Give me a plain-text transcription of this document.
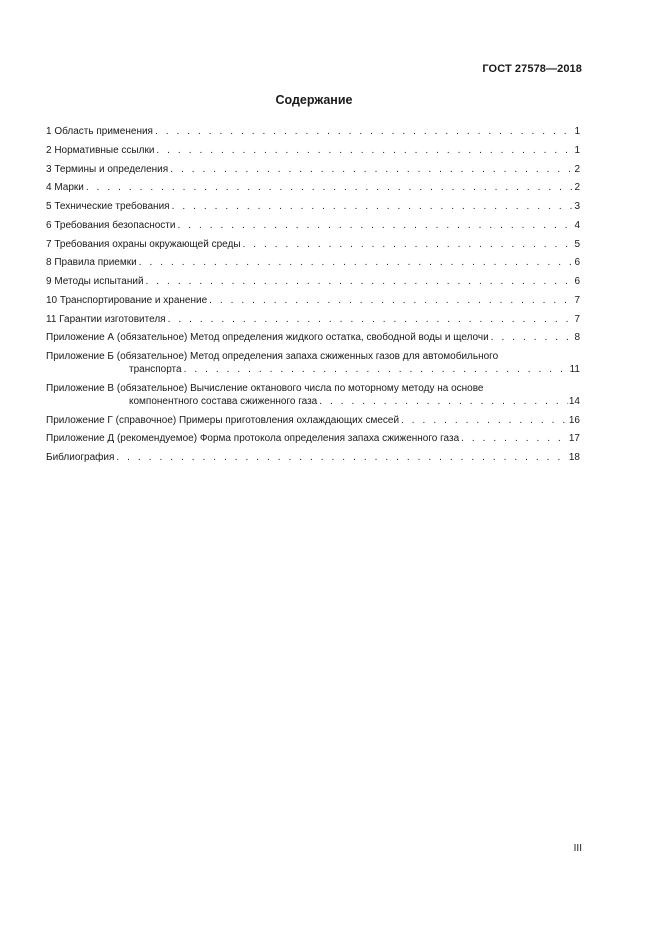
ГОСТ 27578—2018
Содержание
1 Область применения . . .	1
2 Нормативные ссылки . . .	1
3 Термины и определения . . .	2
4 Марки . . .	2
5 Технические требования . . .	3
6 Требования безопасности . . .	4
7 Требования охраны окружающей среды . . .	5
8 Правила приемки . . .	6
9 Методы испытаний . . .	6
10 Транспортирование и хранение . . .	7
11 Гарантии изготовителя . . .	7
Приложение А (обязательное) Метод определения жидкого остатка, свободной воды и щелочи . . .	8
Приложение Б (обязательное) Метод определения запаха сжиженных газов для автомобильного
транспорта . . .	11
Приложение В (обязательное) Вычисление октанового числа по моторному методу на основе
компонентного состава сжиженного газа . . .	14
Приложение Г (справочное) Примеры приготовления охлаждающих смесей . . .	16
Приложение Д (рекомендуемое) Форма протокола определения запаха сжиженного газа . . .	17
Библиография . . .	18
III
